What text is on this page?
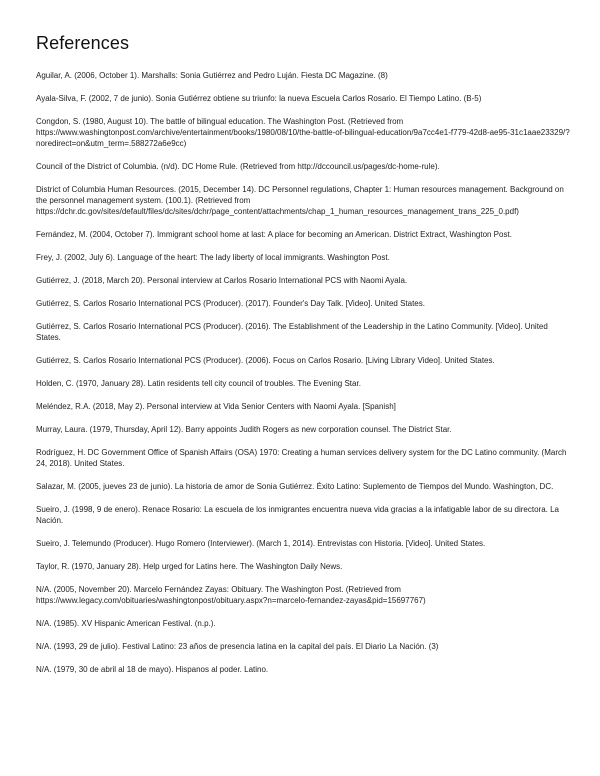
References
Aguilar, A. (2006, October 1). Marshalls: Sonia Gutiérrez and Pedro Luján. Fiesta DC Magazine. (8)
Ayala-Silva, F. (2002, 7 de junio). Sonia Gutiérrez obtiene su triunfo: la nueva Escuela Carlos Rosario. El Tiempo Latino. (B-5)
Congdon, S. (1980, August 10). The battle of bilingual education. The Washington Post. (Retrieved from https://www.washingtonpost.com/archive/entertainment/books/1980/08/10/the-battle-of-bilingual-education/9a7cc4e1-f779-42d8-ae95-31c1aae23329/?noredirect=on&utm_term=.588272a6e9cc)
Council of the District of Columbia. (n/d). DC Home Rule. (Retrieved from http://dccouncil.us/pages/dc-home-rule).
District of Columbia Human Resources. (2015, December 14). DC Personnel regulations, Chapter 1: Human resources management. Background on the personnel management system. (100.1). (Retrieved from https://dchr.dc.gov/sites/default/files/dc/sites/dchr/page_content/attachments/chap_1_human_resources_management_trans_225_0.pdf)
Fernández, M. (2004, October 7). Immigrant school home at last: A place for becoming an American. District Extract, Washington Post.
Frey, J. (2002, July 6). Language of the heart: The lady liberty of local immigrants. Washington Post.
Gutiérrez, J. (2018, March 20). Personal interview at Carlos Rosario International PCS with Naomi Ayala.
Gutiérrez, S. Carlos Rosario International PCS (Producer). (2017). Founder's Day Talk. [Video]. United States.
Gutiérrez, S. Carlos Rosario International PCS (Producer). (2016). The Establishment of the Leadership in the Latino Community. [Video]. United States.
Gutiérrez, S. Carlos Rosario International PCS (Producer). (2006). Focus on Carlos Rosario. [Living Library Video]. United States.
Holden, C. (1970, January 28). Latin residents tell city council of troubles. The Evening Star.
Meléndez, R.A. (2018, May 2). Personal interview at Vida Senior Centers with Naomi Ayala. [Spanish]
Murray, Laura. (1979, Thursday, April 12). Barry appoints Judith Rogers as new corporation counsel. The District Star.
Rodríguez, H. DC Government Office of Spanish Affairs (OSA) 1970: Creating a human services delivery system for the DC Latino community. (March 24, 2018). United States.
Salazar, M. (2005, jueves 23 de junio). La historia de amor de Sonia Gutiérrez. Éxito Latino: Suplemento de Tiempos del Mundo. Washington, DC.
Sueiro, J. (1998, 9 de enero). Renace Rosario: La escuela de los inmigrantes encuentra nueva vida gracias a la infatigable labor de su directora. La Nación.
Sueiro, J. Telemundo (Producer). Hugo Romero (Interviewer). (March 1, 2014). Entrevistas con Historia. [Video]. United States.
Taylor, R. (1970, January 28). Help urged for Latins here. The Washington Daily News.
N/A. (2005, November 20). Marcelo Fernández Zayas: Obituary. The Washington Post. (Retrieved from https://www.legacy.com/obituaries/washingtonpost/obituary.aspx?n=marcelo-fernandez-zayas&pid=15697767)
N/A. (1985). XV Hispanic American Festival. (n.p.).
N/A. (1993, 29 de julio). Festival Latino: 23 años de presencia latina en la capital del país. El Diario La Nación. (3)
N/A. (1979, 30 de abril al 18 de mayo). Hispanos al poder. Latino.
